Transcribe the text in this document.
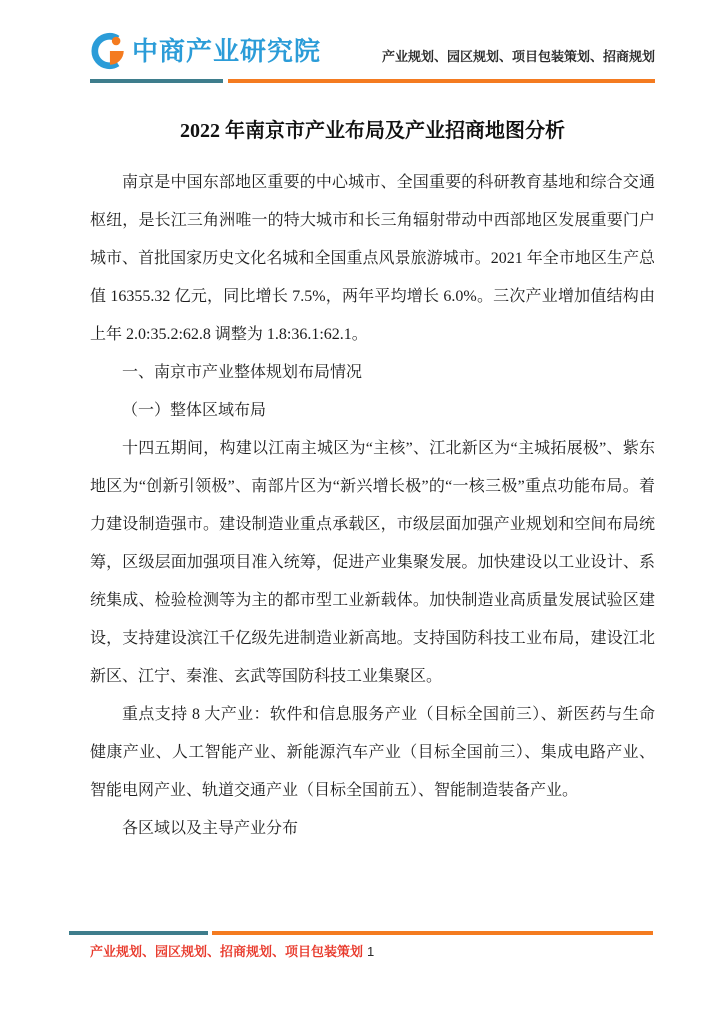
中商产业研究院	产业规划、园区规划、项目包装策划、招商规划
2022 年南京市产业布局及产业招商地图分析

南京是中国东部地区重要的中心城市、全国重要的科研教育基地和综合交通枢纽，是长江三角洲唯一的特大城市和长三角辐射带动中西部地区发展重要门户城市、首批国家历史文化名城和全国重点风景旅游城市。2021 年全市地区生产总值 16355.32 亿元，同比增长 7.5%，两年平均增长 6.0%。三次产业增加值结构由上年 2.0:35.2:62.8 调整为 1.8:36.1:62.1。

一、南京市产业整体规划布局情况

（一）整体区域布局

十四五期间，构建以江南主城区为“主核”、江北新区为“主城拓展极”、紫东地区为“创新引领极”、南部片区为“新兴增长极”的“一核三极”重点功能布局。着力建设制造强市。建设制造业重点承载区，市级层面加强产业规划和空间布局统筹，区级层面加强项目准入统筹，促进产业集聚发展。加快建设以工业设计、系统集成、检验检测等为主的都市型工业新载体。加快制造业高质量发展试验区建设，支持建设滨江千亿级先进制造业新高地。支持国防科技工业布局，建设江北新区、江宁、秦淮、玄武等国防科技工业集聚区。

重点支持 8 大产业：软件和信息服务产业（目标全国前三）、新医药与生命健康产业、人工智能产业、新能源汽车产业（目标全国前三）、集成电路产业、智能电网产业、轨道交通产业（目标全国前五）、智能制造装备产业。

各区域以及主导产业分布

产业规划、园区规划、招商规划、项目包装策划 1
